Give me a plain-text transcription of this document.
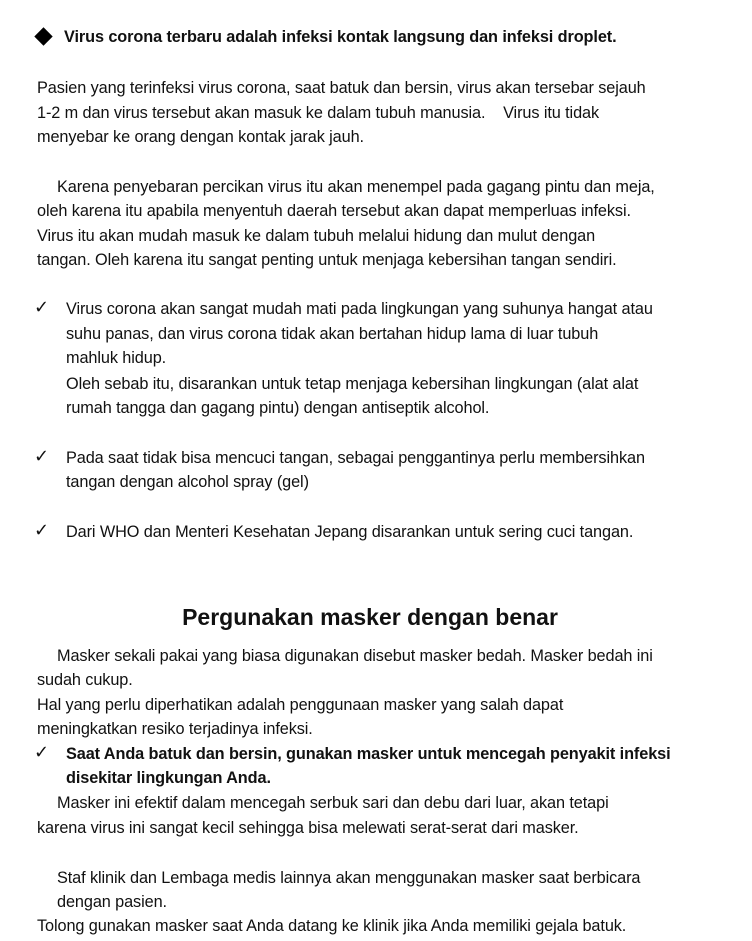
Virus corona terbaru adalah infeksi kontak langsung dan infeksi droplet.
Pasien yang terinfeksi virus corona, saat batuk dan bersin, virus akan tersebar sejauh
1-2 m dan virus tersebut akan masuk ke dalam tubuh manusia.    Virus itu tidak
menyebar ke orang dengan kontak jarak jauh.
Karena penyebaran percikan virus itu akan menempel pada gagang pintu dan meja,
oleh karena itu apabila menyentuh daerah tersebut akan dapat memperluas infeksi.
Virus itu akan mudah masuk ke dalam tubuh melalui hidung dan mulut dengan
tangan. Oleh karena itu sangat penting untuk menjaga kebersihan tangan sendiri.
✓ Virus corona akan sangat mudah mati pada lingkungan yang suhunya hangat atau
suhu panas, dan virus corona tidak akan bertahan hidup lama di luar tubuh
mahluk hidup.
Oleh sebab itu, disarankan untuk tetap menjaga kebersihan lingkungan (alat alat
rumah tangga dan gagang pintu) dengan antiseptik alcohol.
✓ Pada saat tidak bisa mencuci tangan, sebagai penggantinya perlu membersihkan
tangan dengan alcohol spray (gel)
✓ Dari WHO dan Menteri Kesehatan Jepang disarankan untuk sering cuci tangan.
Pergunakan masker dengan benar
Masker sekali pakai yang biasa digunakan disebut masker bedah. Masker bedah ini
sudah cukup.
Hal yang perlu diperhatikan adalah penggunaan masker yang salah dapat
meningkatkan resiko terjadinya infeksi.
✓ Saat Anda batuk dan bersin, gunakan masker untuk mencegah penyakit infeksi
disekitar lingkungan Anda.
Masker ini efektif dalam mencegah serbuk sari dan debu dari luar, akan tetapi
karena virus ini sangat kecil sehingga bisa melewati serat-serat dari masker.
Staf klinik dan Lembaga medis lainnya akan menggunakan masker saat berbicara
dengan pasien.
Tolong gunakan masker saat Anda datang ke klinik jika Anda memiliki gejala batuk.
